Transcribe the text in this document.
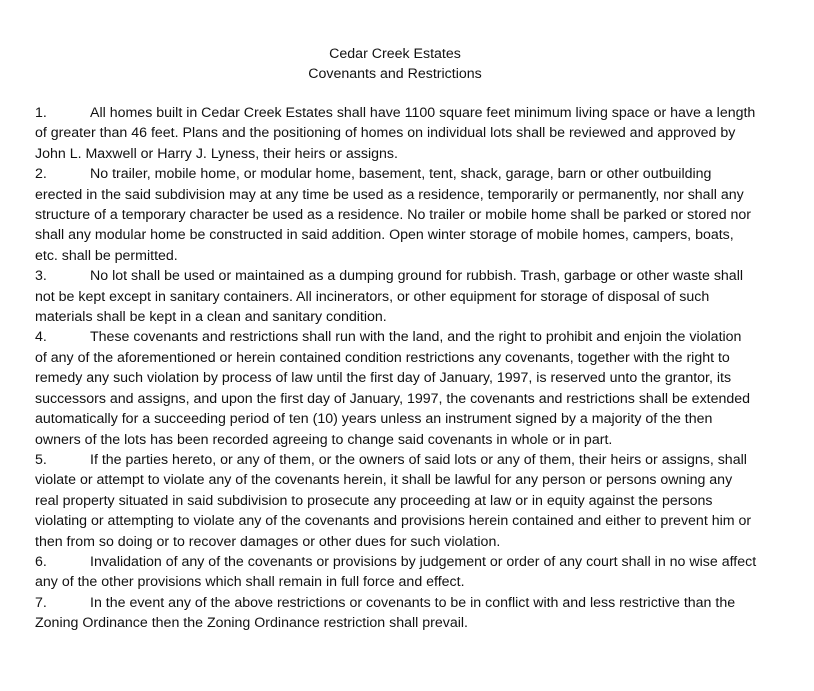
Cedar Creek Estates
Covenants and Restrictions

1.	All homes built in Cedar Creek Estates shall have 1100 square feet minimum living space or have a length of greater than 46 feet. Plans and the positioning of homes on individual lots shall be reviewed and approved by John L. Maxwell or Harry J. Lyness, their heirs or assigns.

2.	No trailer, mobile home, or modular home, basement, tent, shack, garage, barn or other outbuilding erected in the said subdivision may at any time be used as a residence, temporarily or permanently, nor shall any structure of a temporary character be used as a residence. No trailer or mobile home shall be parked or stored nor shall any modular home be constructed in said addition. Open winter storage of mobile homes, campers, boats, etc. shall be permitted.

3.	No lot shall be used or maintained as a dumping ground for rubbish. Trash, garbage or other waste shall not be kept except in sanitary containers. All incinerators, or other equipment for storage of disposal of such materials shall be kept in a clean and sanitary condition.

4.	These covenants and restrictions shall run with the land, and the right to prohibit and enjoin the violation of any of the aforementioned or herein contained condition restrictions any covenants, together with the right to remedy any such violation by process of law until the first day of January, 1997, is reserved unto the grantor, its successors and assigns, and upon the first day of January, 1997, the covenants and restrictions shall be extended automatically for a succeeding period of ten (10) years unless an instrument signed by a majority of the then owners of the lots has been recorded agreeing to change said covenants in whole or in part.

5.	If the parties hereto, or any of them, or the owners of said lots or any of them, their heirs or assigns, shall violate or attempt to violate any of the covenants herein, it shall be lawful for any person or persons owning any real property situated in said subdivision to prosecute any proceeding at law or in equity against the persons violating or attempting to violate any of the covenants and provisions herein contained and either to prevent him or then from so doing or to recover damages or other dues for such violation.

6.	Invalidation of any of the covenants or provisions by judgement or order of any court shall in no wise affect any of the other provisions which shall remain in full force and effect.

7.	In the event any of the above restrictions or covenants to be in conflict with and less restrictive than the Zoning Ordinance then the Zoning Ordinance restriction shall prevail.
